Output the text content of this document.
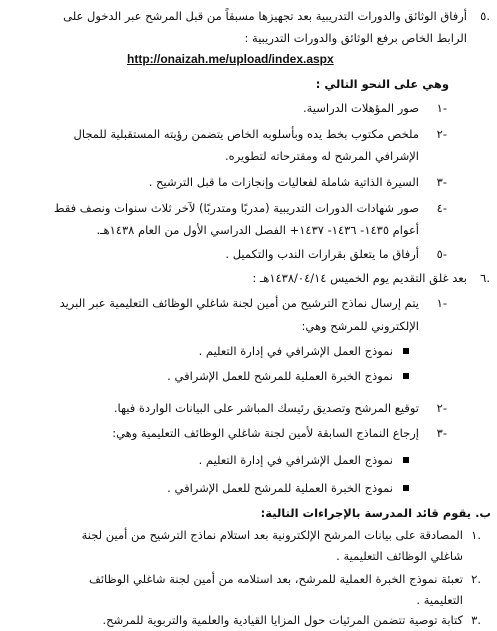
٥.
أرفاق الوثائق والدورات التدريبية بعد تجهيزها مسبقاً من قبل المرشح عبر الدخول على
الرابط الخاص برفع الوثائق والدورات التدريبية :
http://onaizah.me/upload/index.aspx
وهي على النحو التالي :
١-
صور المؤهلات الدراسية.
٢-
ملخص مكتوب بخط يده وبأسلوبه الخاص يتضمن رؤيته المستقبلية للمجال
الإشرافي المرشح له ومقترحاته لتطويره.
٣-
السيرة الذاتية شاملة لفعاليات وإنجازات ما قبل الترشيح .
٤-
صور شهادات الدورات التدريبية (مدربًا ومتدربًا) لآخر ثلاث سنوات ونصف فقط
أعوام ١٤٣٥- ١٤٣٦- ١٤٣٧+ الفصل الدراسي الأول من العام ١٤٣٨هـ.
٥-
أرفاق ما يتعلق بقرارات الندب والتكميل .
٦.
بعد غلق التقديم يوم الخميس ١٤٣٨/٠٤/١٤هـ :
١-
يتم إرسال نماذج الترشيح من أمين لجنة شاغلي الوظائف التعليمية عبر البريد
الإلكتروني للمرشح وهي:
نموذج العمل الإشرافي في إدارة التعليم .
نموذج الخبرة العملية للمرشح للعمل الإشرافي .
٢-
توقيع المرشح وتصديق رئيسك المباشر على البيانات الواردة فيها.
٣-
إرجاع النماذج السابقة لأمين لجنة شاغلي الوظائف التعليمية وهي:
نموذج العمل الإشرافي في إدارة التعليم .
نموذج الخبرة العملية للمرشح للعمل الإشرافي .
ب. يقوم قائد المدرسة بالإجراءات التالية:
١.
المصادقة على بيانات المرشح الإلكترونية بعد استلام نماذج الترشيح من أمين لجنة
شاغلي الوظائف التعليمية .
٢.
تعبئة نموذج الخبرة العملية للمرشح، بعد استلامه من أمين لجنة شاغلي الوظائف
التعليمية .
٣.
كتابة توصية تتضمن المرئيات حول المزايا القيادية والعلمية والتربوية للمرشح.
